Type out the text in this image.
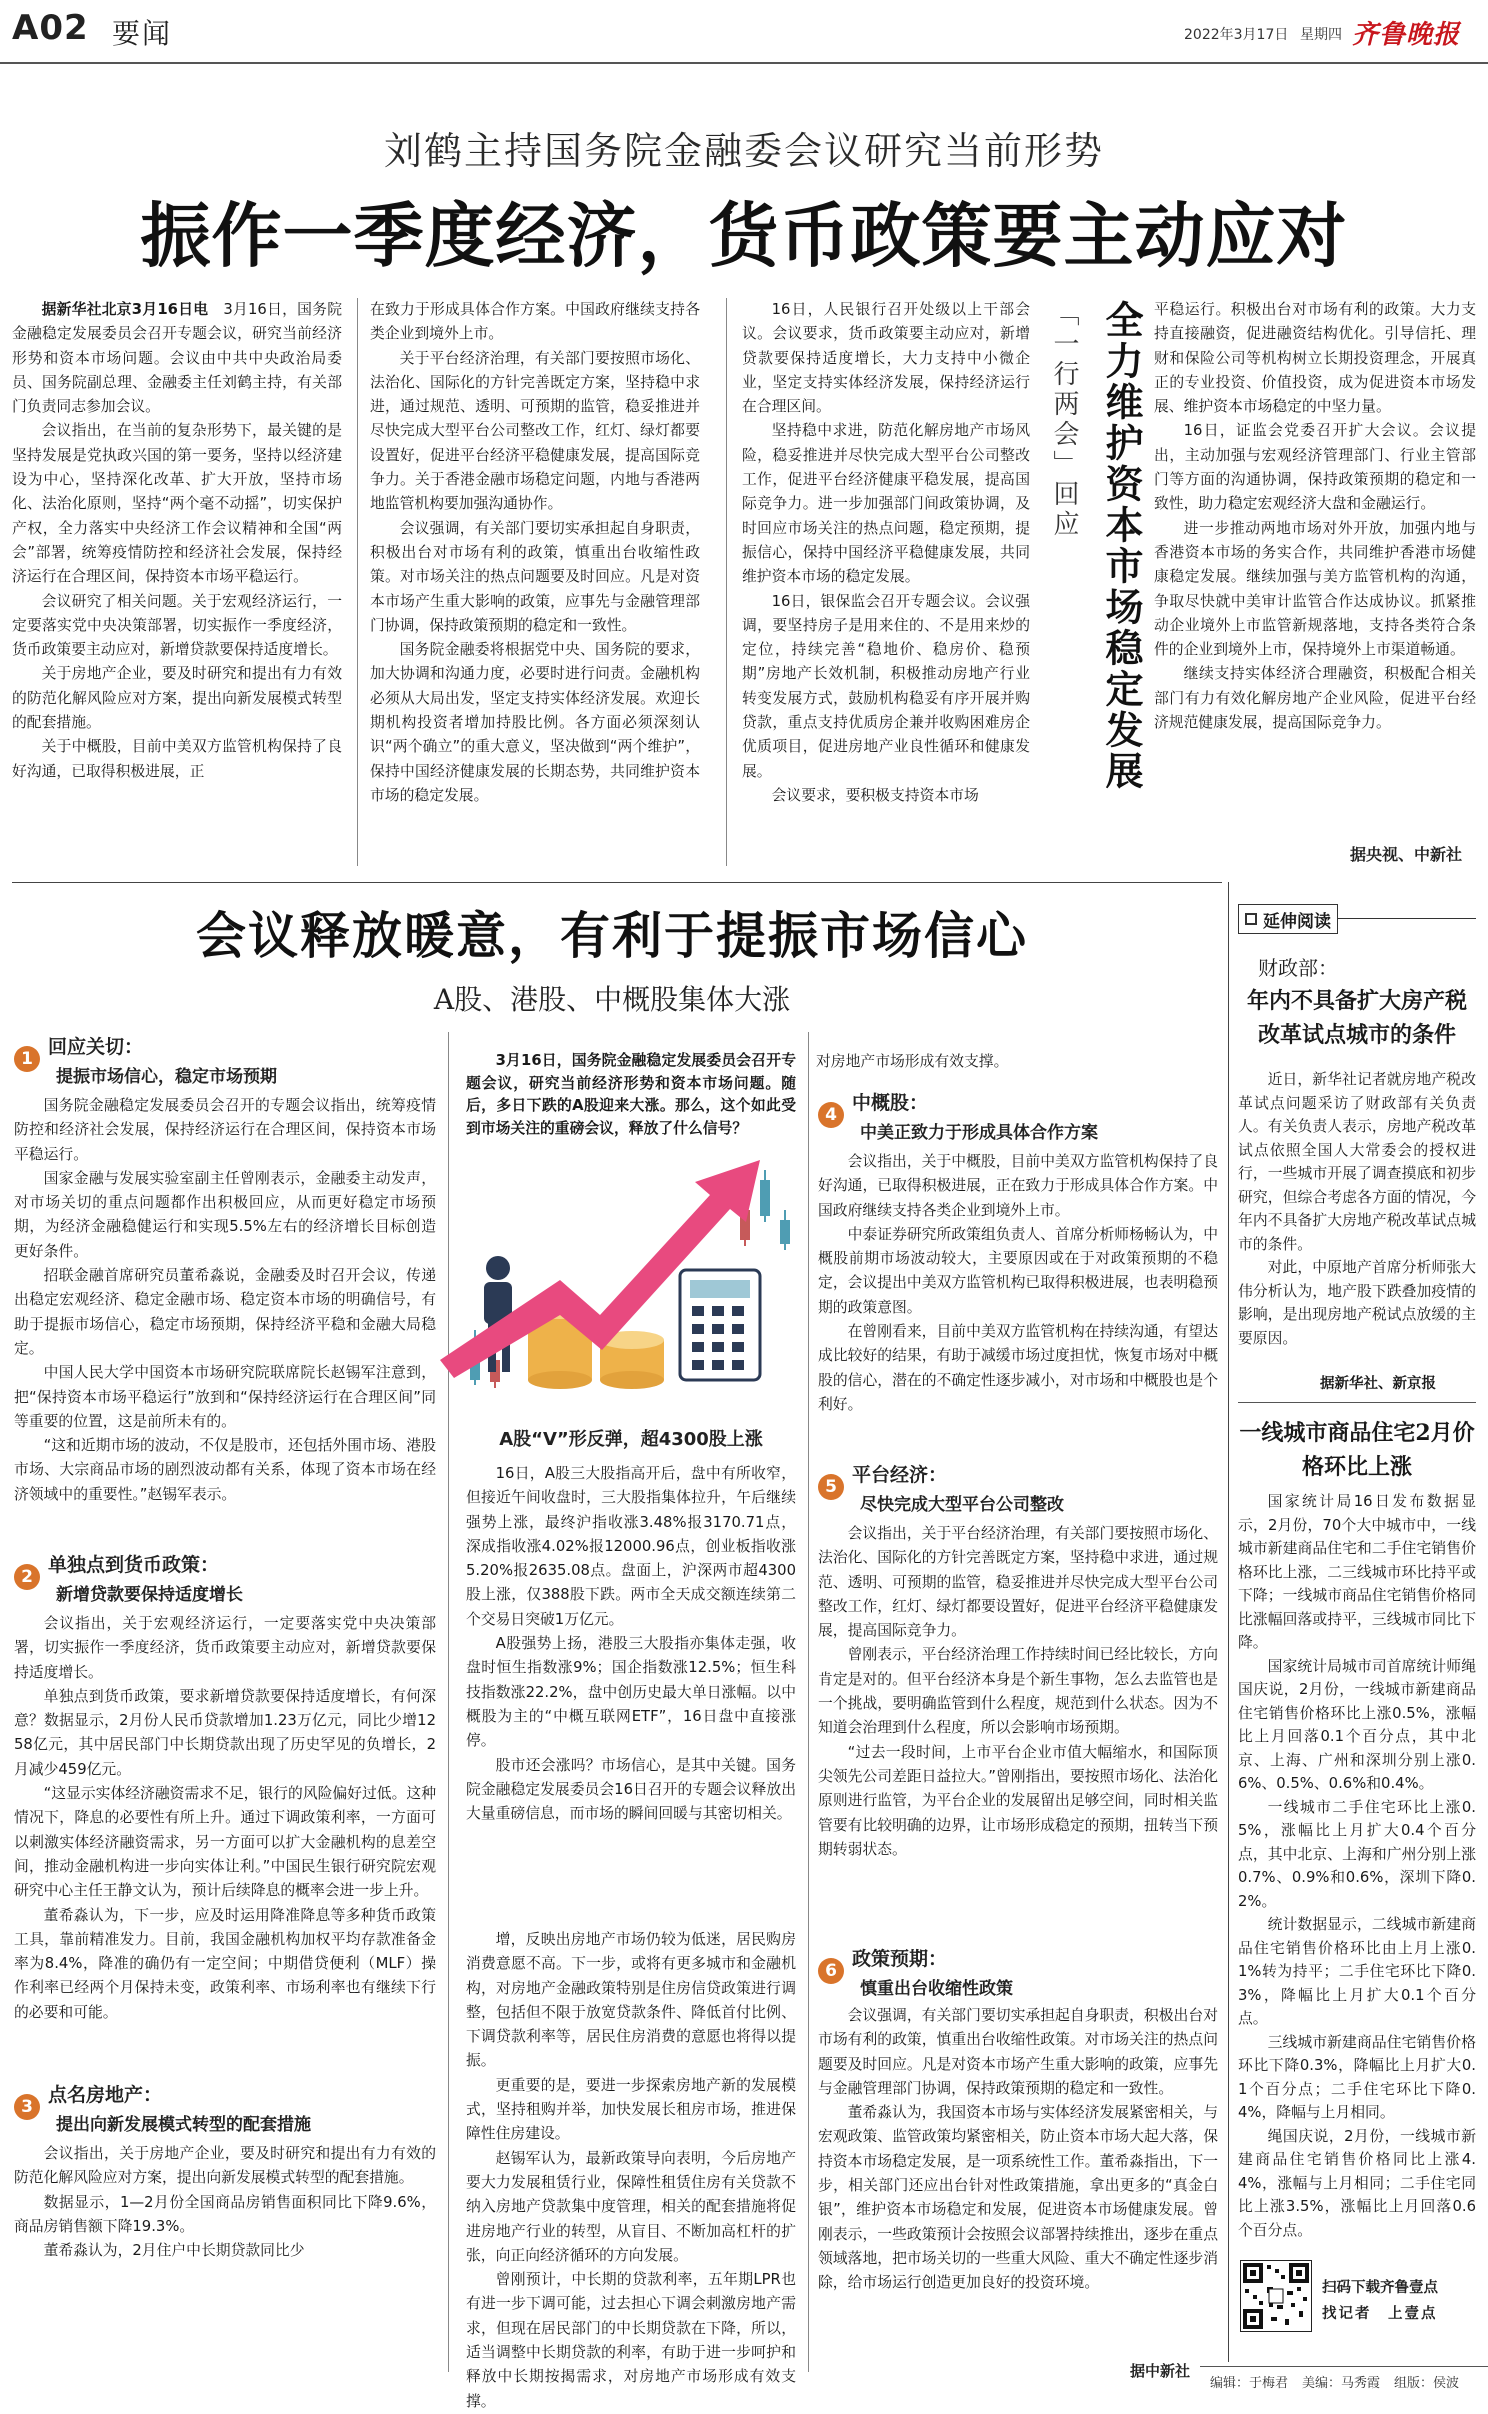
A02 要闻	2022年3月17日 星期四 齐鲁晚报
刘鹤主持国务院金融委会议研究当前形势
振作一季度经济，货币政策要主动应对

据新华社北京3月16日电　3月16日，国务院金融稳定发展委员会召开专题会议，研究当前经济形势和资本市场问题。会议由中共中央政治局委员、国务院副总理、金融委主任刘鹤主持，有关部门负责同志参加会议。

会议指出，在当前的复杂形势下，最关键的是坚持发展是党执政兴国的第一要务，坚持以经济建设为中心，坚持深化改革、扩大开放，坚持市场化、法治化原则，坚持“两个毫不动摇”，切实保护产权，全力落实中央经济工作会议精神和全国“两会”部署，统筹疫情防控和经济社会发展，保持经济运行在合理区间，保持资本市场平稳运行。

会议研究了相关问题。关于宏观经济运行，一定要落实党中央决策部署，切实振作一季度经济，货币政策要主动应对，新增贷款要保持适度增长。

关于房地产企业，要及时研究和提出有力有效的防范化解风险应对方案，提出向新发展模式转型的配套措施。

关于中概股，目前中美双方监管机构保持了良好沟通，已取得积极进展，正

在致力于形成具体合作方案。中国政府继续支持各类企业到境外上市。

关于平台经济治理，有关部门要按照市场化、法治化、国际化的方针完善既定方案，坚持稳中求进，通过规范、透明、可预期的监管，稳妥推进并尽快完成大型平台公司整改工作，红灯、绿灯都要设置好，促进平台经济平稳健康发展，提高国际竞争力。关于香港金融市场稳定问题，内地与香港两地监管机构要加强沟通协作。

会议强调，有关部门要切实承担起自身职责，积极出台对市场有利的政策，慎重出台收缩性政策。对市场关注的热点问题要及时回应。凡是对资本市场产生重大影响的政策，应事先与金融管理部门协调，保持政策预期的稳定和一致性。

国务院金融委将根据党中央、国务院的要求，加大协调和沟通力度，必要时进行问责。金融机构必须从大局出发，坚定支持实体经济发展。欢迎长期机构投资者增加持股比例。各方面必须深刻认识“两个确立”的重大意义，坚决做到“两个维护”，保持中国经济健康发展的长期态势，共同维护资本市场的稳定发展。

16日，人民银行召开处级以上干部会议。会议要求，货币政策要主动应对，新增贷款要保持适度增长，大力支持中小微企业，坚定支持实体经济发展，保持经济运行在合理区间。

坚持稳中求进，防范化解房地产市场风险，稳妥推进并尽快完成大型平台公司整改工作，促进平台经济健康平稳发展，提高国际竞争力。进一步加强部门间政策协调，及时回应市场关注的热点问题，稳定预期，提振信心，保持中国经济平稳健康发展，共同维护资本市场的稳定发展。

16日，银保监会召开专题会议。会议强调，要坚持房子是用来住的、不是用来炒的定位，持续完善“稳地价、稳房价、稳预期”房地产长效机制，积极推动房地产行业转变发展方式，鼓励机构稳妥有序开展并购贷款，重点支持优质房企兼并收购困难房企优质项目，促进房地产业良性循环和健康发展。

会议要求，要积极支持资本市场

「一行两会」回应 全力维护资本市场稳定发展 平稳运行。积极出台对市场有利的政策。大力支持直接融资，促进融资结构优化。引导信托、理财和保险公司等机构树立长期投资理念，开展真正的专业投资、价值投资，成为促进资本市场发展、维护资本市场稳定的中坚力量。

16日，证监会党委召开扩大会议。会议提出，主动加强与宏观经济管理部门、行业主管部门等方面的沟通协调，保持政策预期的稳定和一致性，助力稳定宏观经济大盘和金融运行。

进一步推动两地市场对外开放，加强内地与香港资本市场的务实合作，共同维护香港市场健康稳定发展。继续加强与美方监管机构的沟通，争取尽快就中美审计监管合作达成协议。抓紧推动企业境外上市监管新规落地，支持各类符合条件的企业到境外上市，保持境外上市渠道畅通。

继续支持实体经济合理融资，积极配合相关部门有力有效化解房地产企业风险，促进平台经济规范健康发展，提高国际竞争力。

据央视、中新社
会议释放暖意，有利于提振市场信心
A股、港股、中概股集体大涨
1
回应关切：
提振市场信心，稳定市场预期

国务院金融稳定发展委员会召开的专题会议指出，统筹疫情防控和经济社会发展，保持经济运行在合理区间，保持资本市场平稳运行。

国家金融与发展实验室副主任曾刚表示，金融委主动发声，对市场关切的重点问题都作出积极回应，从而更好稳定市场预期，为经济金融稳健运行和实现5.5%左右的经济增长目标创造更好条件。

招联金融首席研究员董希淼说，金融委及时召开会议，传递出稳定宏观经济、稳定金融市场、稳定资本市场的明确信号，有助于提振市场信心，稳定市场预期，保持经济平稳和金融大局稳定。

中国人民大学中国资本市场研究院联席院长赵锡军注意到，把“保持资本市场平稳运行”放到和“保持经济运行在合理区间”同等重要的位置，这是前所未有的。

“这和近期市场的波动，不仅是股市，还包括外围市场、港股市场、大宗商品市场的剧烈波动都有关系，体现了资本市场在经济领域中的重要性。”赵锡军表示。

2
单独点到货币政策：
新增贷款要保持适度增长

会议指出，关于宏观经济运行，一定要落实党中央决策部署，切实振作一季度经济，货币政策要主动应对，新增贷款要保持适度增长。

单独点到货币政策，要求新增贷款要保持适度增长，有何深意？数据显示，2月份人民币贷款增加1.23万亿元，同比少增1258亿元，其中居民部门中长期贷款出现了历史罕见的负增长，2月减少459亿元。

“这显示实体经济融资需求不足，银行的风险偏好过低。这种情况下，降息的必要性有所上升。通过下调政策利率，一方面可以刺激实体经济融资需求，另一方面可以扩大金融机构的息差空间，推动金融机构进一步向实体让利。”中国民生银行研究院宏观研究中心主任王静文认为，预计后续降息的概率会进一步上升。

董希淼认为，下一步，应及时运用降准降息等多种货币政策工具，靠前精准发力。目前，我国金融机构加权平均存款准备金率为8.4%，降准的确仍有一定空间；中期借贷便利（MLF）操作利率已经两个月保持未变，政策利率、市场利率也有继续下行的必要和可能。

3
点名房地产：
提出向新发展模式转型的配套措施

会议指出，关于房地产企业，要及时研究和提出有力有效的防范化解风险应对方案，提出向新发展模式转型的配套措施。

数据显示，1—2月份全国商品房销售面积同比下降9.6%，商品房销售额下降19.3%。

董希淼认为，2月住户中长期贷款同比少

3月16日，国务院金融稳定发展委员会召开专题会议，研究当前经济形势和资本市场问题。随后，多日下跌的A股迎来大涨。那么，这个如此受到市场关注的重磅会议，释放了什么信号？
A股“V”形反弹，超4300股上涨

16日，A股三大股指高开后，盘中有所收窄，但接近午间收盘时，三大股指集体拉升，午后继续强势上涨，最终沪指收涨3.48%报3170.71点，深成指收涨4.02%报12000.96点，创业板指收涨5.20%报2635.08点。盘面上，沪深两市超4300股上涨，仅388股下跌。两市全天成交额连续第二个交易日突破1万亿元。

A股强势上扬，港股三大股指亦集体走强，收盘时恒生指数涨9%；国企指数涨12.5%；恒生科技指数涨22.2%，盘中创历史最大单日涨幅。以中概股为主的“中概互联网ETF”，16日盘中直接涨停。

股市还会涨吗？市场信心，是其中关键。国务院金融稳定发展委员会16日召开的专题会议释放出大量重磅信息，而市场的瞬间回暖与其密切相关。

增，反映出房地产市场仍较为低迷，居民购房消费意愿不高。下一步，或将有更多城市和金融机构，对房地产金融政策特别是住房信贷政策进行调整，包括但不限于放宽贷款条件、降低首付比例、下调贷款利率等，居民住房消费的意愿也将得以提振。

更重要的是，要进一步探索房地产新的发展模式，坚持租购并举，加快发展长租房市场，推进保障性住房建设。

赵锡军认为，最新政策导向表明，今后房地产要大力发展租赁行业，保障性租赁住房有关贷款不纳入房地产贷款集中度管理，相关的配套措施将促进房地产行业的转型，从盲目、不断加高杠杆的扩张，向正向经济循环的方向发展。

曾刚预计，中长期的贷款利率，五年期LPR也有进一步下调可能，过去担心下调会刺激房地产需求，但现在居民部门的中长期贷款在下降，所以，适当调整中长期贷款的利率，有助于进一步呵护和释放中长期按揭需求，对房地产市场形成有效支撑。

对房地产市场形成有效支撑。

4
中概股：
中美正致力于形成具体合作方案

会议指出，关于中概股，目前中美双方监管机构保持了良好沟通，已取得积极进展，正在致力于形成具体合作方案。中国政府继续支持各类企业到境外上市。

中泰证券研究所政策组负责人、首席分析师杨畅认为，中概股前期市场波动较大，主要原因或在于对政策预期的不稳定，会议提出中美双方监管机构已取得积极进展，也表明稳预期的政策意图。

在曾刚看来，目前中美双方监管机构在持续沟通，有望达成比较好的结果，有助于减缓市场过度担忧，恢复市场对中概股的信心，潜在的不确定性逐步减小，对市场和中概股也是个利好。

5
平台经济：
尽快完成大型平台公司整改

会议指出，关于平台经济治理，有关部门要按照市场化、法治化、国际化的方针完善既定方案，坚持稳中求进，通过规范、透明、可预期的监管，稳妥推进并尽快完成大型平台公司整改工作，红灯、绿灯都要设置好，促进平台经济平稳健康发展，提高国际竞争力。

曾刚表示，平台经济治理工作持续时间已经比较长，方向肯定是对的。但平台经济本身是个新生事物，怎么去监管也是一个挑战，要明确监管到什么程度，规范到什么状态。因为不知道会治理到什么程度，所以会影响市场预期。

“过去一段时间，上市平台企业市值大幅缩水，和国际顶尖领先公司差距日益拉大。”曾刚指出，要按照市场化、法治化原则进行监管，为平台企业的发展留出足够空间，同时相关监管要有比较明确的边界，让市场形成稳定的预期，扭转当下预期转弱状态。

6
政策预期：
慎重出台收缩性政策

会议强调，有关部门要切实承担起自身职责，积极出台对市场有利的政策，慎重出台收缩性政策。对市场关注的热点问题要及时回应。凡是对资本市场产生重大影响的政策，应事先与金融管理部门协调，保持政策预期的稳定和一致性。

董希淼认为，我国资本市场与实体经济发展紧密相关，与宏观政策、监管政策均紧密相关，防止资本市场大起大落，保持资本市场稳定发展，是一项系统性工作。董希淼指出，下一步，相关部门还应出台针对性政策措施，拿出更多的“真金白银”，维护资本市场稳定和发展，促进资本市场健康发展。曾刚表示，一些政策预计会按照会议部署持续推出，逐步在重点领域落地，把市场关切的一些重大风险、重大不确定性逐步消除，给市场运行创造更加良好的投资环境。

据中新社
延伸阅读
财政部：
年内不具备扩大房产税改革试点城市的条件

近日，新华社记者就房地产税改革试点问题采访了财政部有关负责人。有关负责人表示，房地产税改革试点依照全国人大常委会的授权进行，一些城市开展了调查摸底和初步研究，但综合考虑各方面的情况，今年内不具备扩大房地产税改革试点城市的条件。

对此，中原地产首席分析师张大伟分析认为，地产股下跌叠加疫情的影响，是出现房地产税试点放缓的主要原因。

据新华社、新京报
一线城市商品住宅2月价格环比上涨

国家统计局16日发布数据显示，2月份，70个大中城市中，一线城市新建商品住宅和二手住宅销售价格环比上涨，二三线城市环比持平或下降；一线城市商品住宅销售价格同比涨幅回落或持平，三线城市同比下降。

国家统计局城市司首席统计师绳国庆说，2月份，一线城市新建商品住宅销售价格环比上涨0.5%，涨幅比上月回落0.1个百分点，其中北京、上海、广州和深圳分别上涨0.6%、0.5%、0.6%和0.4%。

一线城市二手住宅环比上涨0.5%，涨幅比上月扩大0.4个百分点，其中北京、上海和广州分别上涨0.7%、0.9%和0.6%，深圳下降0.2%。

统计数据显示，二线城市新建商品住宅销售价格环比由上月上涨0.1%转为持平；二手住宅环比下降0.3%，降幅比上月扩大0.1个百分点。

三线城市新建商品住宅销售价格环比下降0.3%，降幅比上月扩大0.1个百分点；二手住宅环比下降0.4%，降幅与上月相同。

绳国庆说，2月份，一线城市新建商品住宅销售价格同比上涨4.4%，涨幅与上月相同；二手住宅同比上涨3.5%，涨幅比上月回落0.6个百分点。

扫码下载齐鲁壹点
找记者　上壹点
编辑：于梅君 美编：马秀霞 组版：侯波
